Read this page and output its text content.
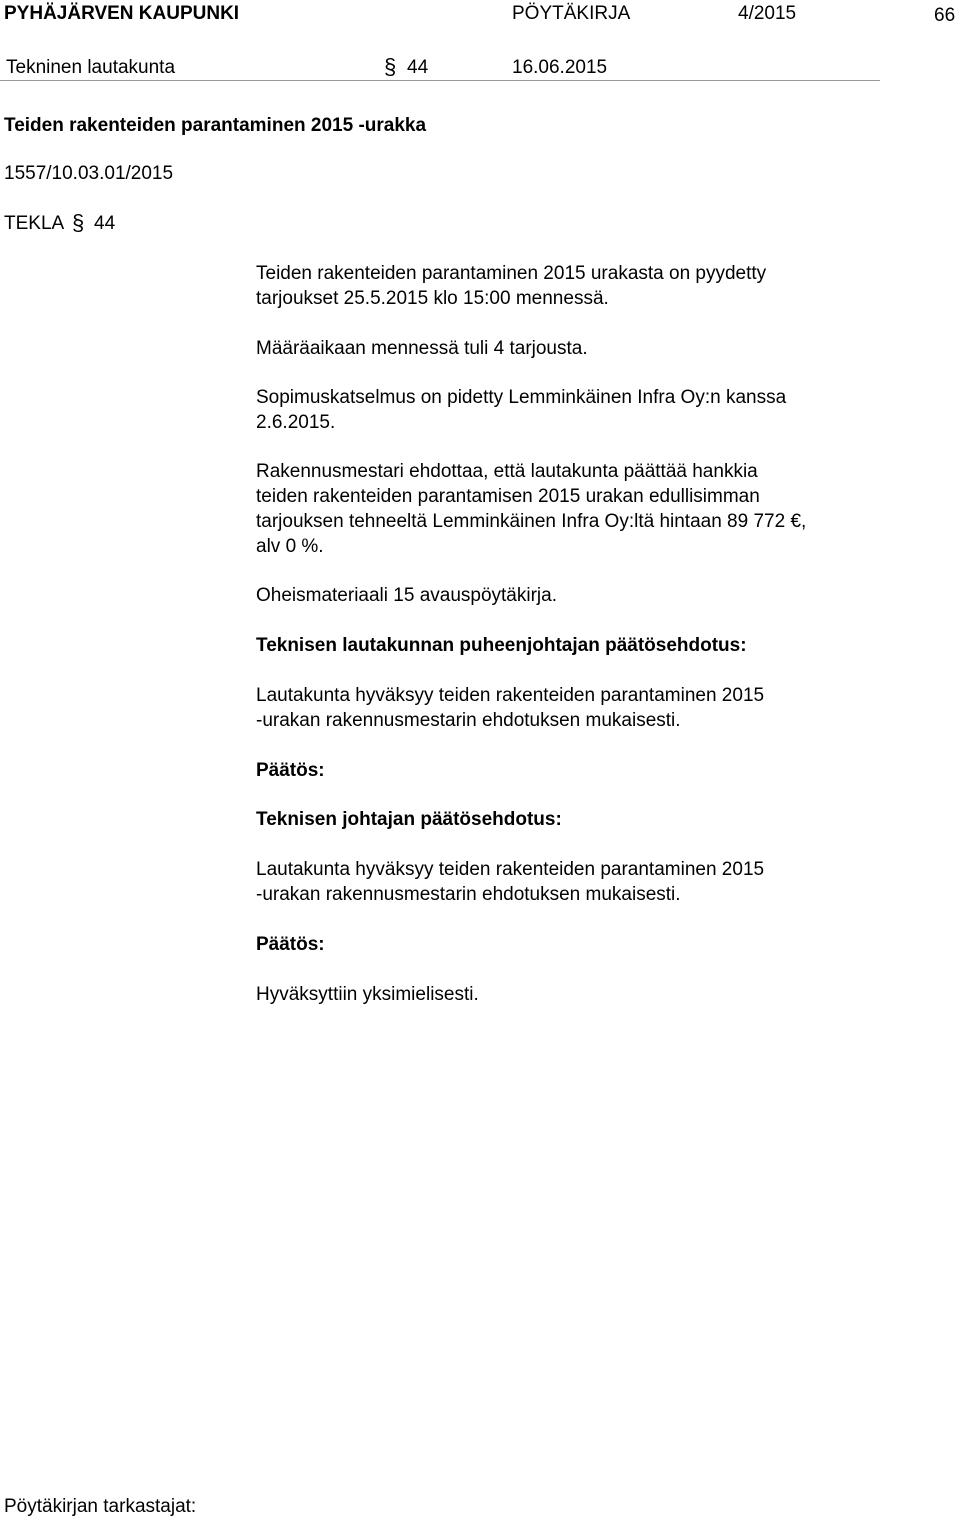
PYHÄJÄRVEN KAUPUNKI	PÖYTÄKIRJA	4/2015	66
Tekninen lautakunta	§ 44	16.06.2015
Teiden rakenteiden parantaminen 2015 -urakka
1557/10.03.01/2015
TEKLA § 44
Teiden rakenteiden parantaminen 2015 urakasta on pyydetty
tarjoukset 25.5.2015 klo 15:00 mennessä.
Määräaikaan mennessä tuli 4 tarjousta.
Sopimuskatselmus on pidetty Lemminkäinen Infra Oy:n kanssa
2.6.2015.
Rakennusmestari ehdottaa, että lautakunta päättää hankkia
teiden rakenteiden parantamisen 2015 urakan edullisimman
tarjouksen tehneeltä Lemminkäinen Infra Oy:ltä hintaan 89 772 €,
alv 0 %.
Oheismateriaali 15 avauspöytäkirja.
Teknisen lautakunnan puheenjohtajan päätösehdotus:
Lautakunta hyväksyy teiden rakenteiden parantaminen 2015
-urakan rakennusmestarin ehdotuksen mukaisesti.
Päätös:
Teknisen johtajan päätösehdotus:
Lautakunta hyväksyy teiden rakenteiden parantaminen 2015
-urakan rakennusmestarin ehdotuksen mukaisesti.
Päätös:
Hyväksyttiin yksimielisesti.
Pöytäkirjan tarkastajat:
